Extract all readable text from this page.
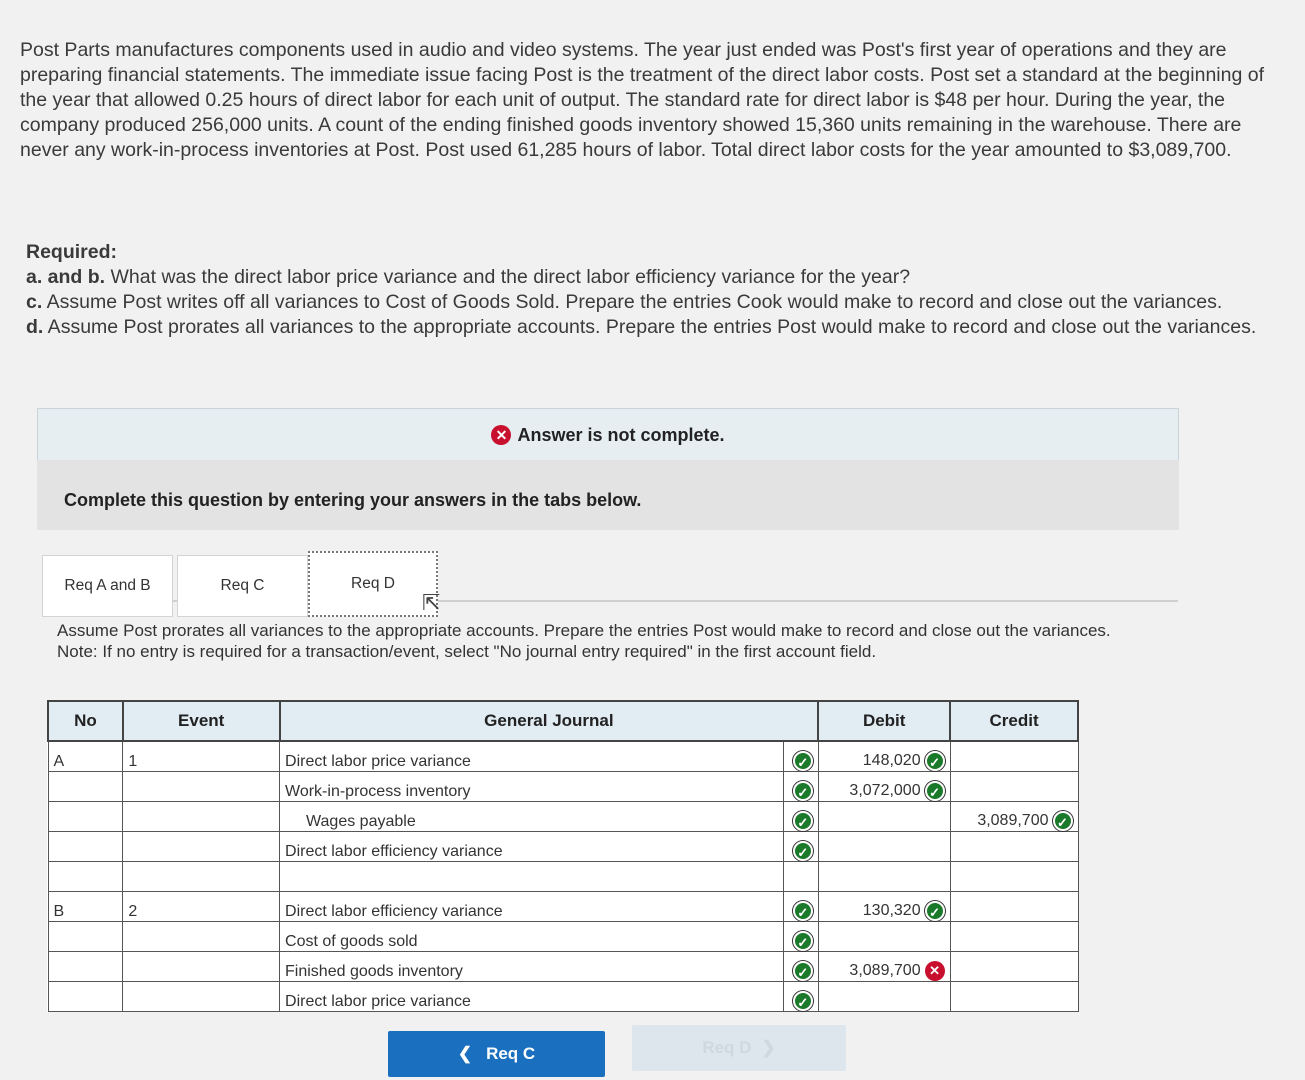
Post Parts manufactures components used in audio and video systems. The year just ended was Post's first year of operations and they are preparing financial statements. The immediate issue facing Post is the treatment of the direct labor costs. Post set a standard at the beginning of the year that allowed 0.25 hours of direct labor for each unit of output. The standard rate for direct labor is $48 per hour. During the year, the company produced 256,000 units. A count of the ending finished goods inventory showed 15,360 units remaining in the warehouse. There are never any work-in-process inventories at Post. Post used 61,285 hours of labor. Total direct labor costs for the year amounted to $3,089,700.
Required:
a. and b. What was the direct labor price variance and the direct labor efficiency variance for the year?
c. Assume Post writes off all variances to Cost of Goods Sold. Prepare the entries Cook would make to record and close out the variances.
d. Assume Post prorates all variances to the appropriate accounts. Prepare the entries Post would make to record and close out the variances.
✕ Answer is not complete.
Complete this question by entering your answers in the tabs below.
Req A and B	Req C	Req D
⇱
Assume Post prorates all variances to the appropriate accounts. Prepare the entries Post would make to record and close out the variances.
Note: If no entry is required for a transaction/event, select "No journal entry required" in the first account field.
No	Event	General Journal		Debit	Credit
A	1	Direct labor price variance	✓	148,020 ✓	
		Work-in-process inventory	✓	3,072,000 ✓	
		Wages payable	✓		3,089,700 ✓
		Direct labor efficiency variance	✓		

B	2	Direct labor efficiency variance	✓	130,320 ✓	
		Cost of goods sold	✓		
		Finished goods inventory	✓	3,089,700 ✕	
		Direct labor price variance	✓		
❮ Req C	Req D ❯
